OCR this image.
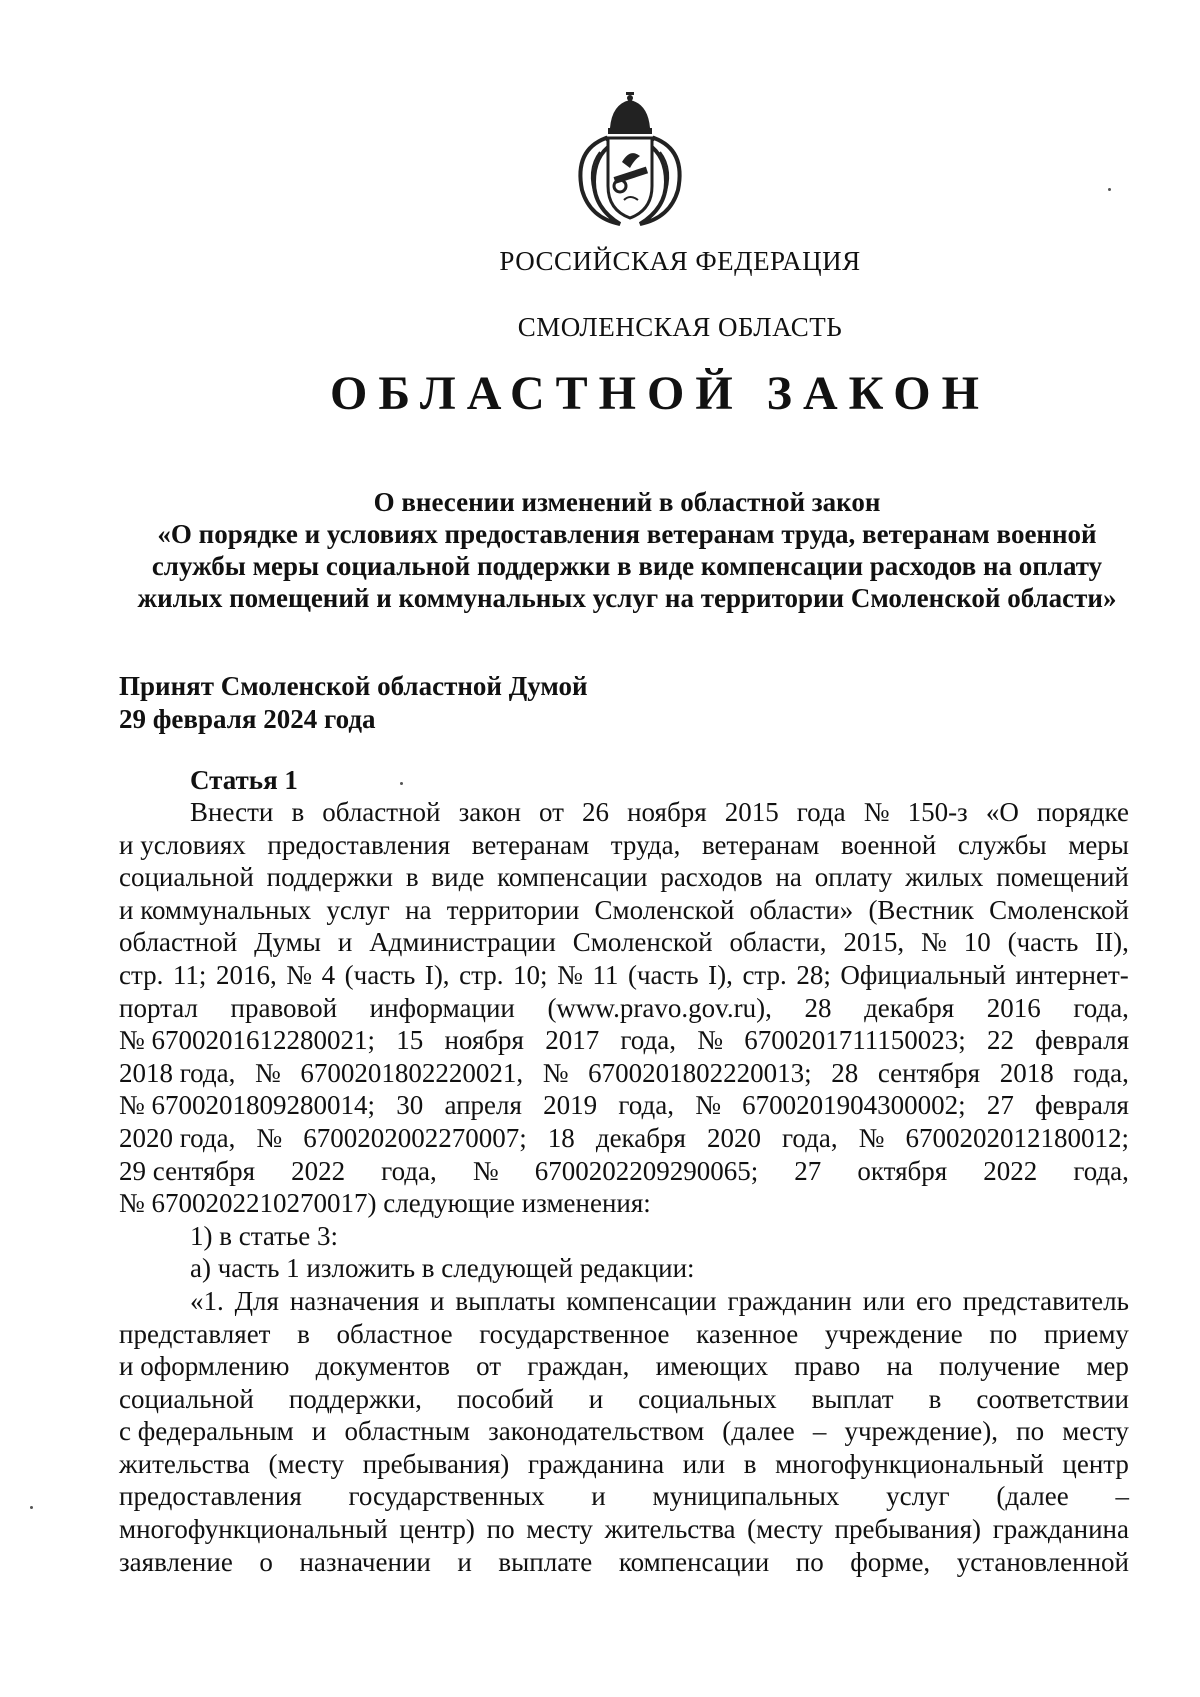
РОССИЙСКАЯ ФЕДЕРАЦИЯ
СМОЛЕНСКАЯ ОБЛАСТЬ
ОБЛАСТНОЙ ЗАКОН
О внесении изменений в областной закон
«О порядке и условиях предоставления ветеранам труда, ветеранам военной
службы меры социальной поддержки в виде компенсации расходов на оплату
жилых помещений и коммунальных услуг на территории Смоленской области»
Принят Смоленской областной Думой
29 февраля 2024 года
Статья 1
Внести в областной закон от 26 ноября 2015 года № 150-з «О порядке
и условиях предоставления ветеранам труда, ветеранам военной службы меры
социальной поддержки в виде компенсации расходов на оплату жилых помещений
и коммунальных услуг на территории Смоленской области» (Вестник Смоленской
областной Думы и Администрации Смоленской области, 2015, № 10 (часть II),
стр. 11; 2016, № 4 (часть I), стр. 10; № 11 (часть I), стр. 28; Официальный интернет-
портал правовой информации (www.pravo.gov.ru), 28 декабря 2016 года,
№ 6700201612280021; 15 ноября 2017 года, № 6700201711150023; 22 февраля
2018 года, № 6700201802220021, № 6700201802220013; 28 сентября 2018 года,
№ 6700201809280014; 30 апреля 2019 года, № 6700201904300002; 27 февраля
2020 года, № 6700202002270007; 18 декабря 2020 года, № 6700202012180012;
29 сентября 2022 года, № 6700202209290065; 27 октября 2022 года,
№ 6700202210270017) следующие изменения:
1) в статье 3:
а) часть 1 изложить в следующей редакции:
«1. Для назначения и выплаты компенсации гражданин или его представитель
представляет в областное государственное казенное учреждение по приему
и оформлению документов от граждан, имеющих право на получение мер
социальной поддержки, пособий и социальных выплат в соответствии
с федеральным и областным законодательством (далее – учреждение), по месту
жительства (месту пребывания) гражданина или в многофункциональный центр
предоставления государственных и муниципальных услуг (далее –
многофункциональный центр) по месту жительства (месту пребывания) гражданина
заявление о назначении и выплате компенсации по форме, установленной
